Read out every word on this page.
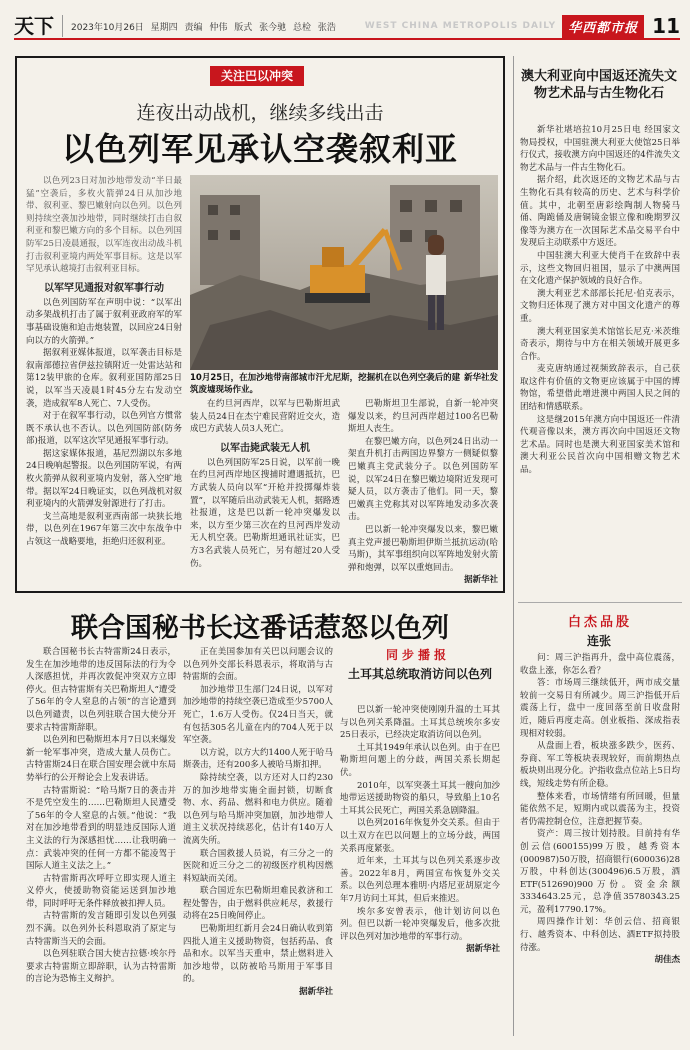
天下	2023年10月26日 星期四 责编 仲伟 版式 张今驰 总检 张浩	WEST CHINA METROPOLIS DAILY 华西都市报 11
关注巴以冲突
连夜出动战机，继续多线出击
以色列军见承认空袭叙利亚

以色列23日对加沙地带发动“半日最猛”空袭后，多枚火箭弹24日从加沙地带、叙利亚、黎巴嫩射向以色列。以色列则持续空袭加沙地带，同时继续打击自叙利亚和黎巴嫩方向的多个目标。以色列国防军25日凌晨通报，以军连夜出动战斗机打击叙利亚境内两处军事目标。这是以军罕见承认越境打击叙利亚目标。

以军罕见通报对叙军事行动

以色列国防军在声明中说：“以军出动多架战机打击了属于叙利亚政府军的军事基础设施和迫击炮装置，以回应24日射向以方的火箭弹。”

据叙利亚媒体报道，以军袭击目标是叙南部德拉省伊兹拉镇附近一处雷达站和第12装甲旅的仓库。叙利亚国防部25日说，以军当天凌晨1时45分左右发动空袭，造成叙军8人死亡、7人受伤。

对于在叙军事行动，以色列官方惯常既不承认也不否认。以色列国防部(防务部)报道，以军这次罕见通报军事行动。

据这家媒体报道，基尼烈湖以东多地24日晚响起警报。以色列国防军说，有两枚火箭弹从叙利亚境内发射，落入空旷地带。据以军24日晚证实，以色列战机对叙利亚境内的火箭弹发射源进行了打击。

戈兰高地是叙利亚西南部一块狭长地带，以色列在1967年第三次中东战争中占领这一战略要地，拒绝归还叙利亚。

新华社发
10月25日，在加沙地带南部城市汗尤尼斯，挖掘机在以色列空袭后的建筑废墟现场作业。

在约旦河西岸，以军与巴勒斯坦武装人员24日在杰宁难民营附近交火，造成巴方武装人员3人死亡。

以军击毙武装无人机

以色列国防军25日说，以军前一晚在约旦河西岸地区搜捕时遭遇抵抗，巴方武装人员向以军“开枪并投掷爆炸装置”，以军随后出动武装无人机，据路透社报道，这是巴以新一轮冲突爆发以来，以方至少第三次在约旦河西岸发动无人机空袭。巴勒斯坦通讯社证实，巴方3名武装人员死亡，另有超过20人受伤。

巴勒斯坦卫生部说，自新一轮冲突爆发以来，约旦河西岸超过100名巴勒斯坦人丧生。

在黎巴嫩方向，以色列24日出动一架直升机打击两国边界黎方一侧疑似黎巴嫩真主党武装分子。以色列国防军说，以军24日在黎巴嫩边境附近发现可疑人员，以方袭击了他们。同一天，黎巴嫩真主党称其对以军阵地发动多次袭击。

巴以新一轮冲突爆发以来，黎巴嫩真主党声援巴勒斯坦伊斯兰抵抗运动(哈马斯)，其军事组织向以军阵地发射火箭弹和炮弹，以军以重炮回击。

据新华社

联合国秘书长这番话惹怒以色列

联合国秘书长古特雷斯24日表示，发生在加沙地带的违反国际法的行为令人深感担忧，并再次敦促冲突双方立即停火。但古特雷斯有关巴勒斯坦人“遭受了56年的令人窒息的占领”的言论遭到以色列谴责，以色列驻联合国大使分开要求古特雷斯辞职。

以色列和巴勒斯坦本月7日以来爆发新一轮军事冲突，造成大量人员伤亡。古特雷斯24日在联合国安理会就中东局势举行的公开辩论会上发表讲话。

古特雷斯说：“哈马斯7日的袭击并不是凭空发生的……巴勒斯坦人民遭受了56年的令人窒息的占领。”他说：“我对在加沙地带看到的明显违反国际人道主义法的行为深感担忧……让我明确一点：武装冲突的任何一方都不能凌驾于国际人道主义法之上。”

古特雷斯再次呼吁立即实现人道主义停火，使援助物资能运送到加沙地带，同时呼吁无条件释放被扣押人员。

古特雷斯的发言随即引发以色列强烈不满。以色列外长科恩取消了原定与古特雷斯当天的会面。

以色列驻联合国大使吉拉德·埃尔丹要求古特雷斯立即辞职，认为古特雷斯的言论为恐怖主义辩护。

正在美国参加有关巴以问题会议的以色列外交部长科恩表示，将取消与古特雷斯的会面。

加沙地带卫生部门24日说，以军对加沙地带的持续空袭已造成至少5700人死亡，1.6万人受伤。仅24日当天，就有包括305名儿童在内的704人死于以军空袭。

以方说，以方大约1400人死于哈马斯袭击，还有200多人被哈马斯扣押。

除持续空袭，以方还对人口约230万的加沙地带实施全面封锁，切断食物、水、药品、燃料和电力供应。随着以色列与哈马斯冲突加剧，加沙地带人道主义状况持续恶化，估计有140万人流离失所。

联合国救援人员说，有三分之一的医院和近三分之二的初级医疗机构因燃料短缺而关闭。

联合国近东巴勒斯坦难民救济和工程处警告，由于燃料供应耗尽，救援行动将在25日晚间停止。

巴勒斯坦红新月会24日确认收到第四批人道主义援助物资，包括药品、食品和水。以军当天重申，禁止燃料进入加沙地带，以防被哈马斯用于军事目的。

据新华社

同步播报
土耳其总统取消访问以色列

巴以新一轮冲突使刚刚升温的土耳其与以色列关系降温。土耳其总统埃尔多安25日表示，已经决定取消访问以色列。

土耳其1949年承认以色列。由于在巴勒斯坦问题上的分歧，两国关系长期起伏。

2010年，以军突袭土耳其一艘向加沙地带运送援助物资的船只，导致船上10名土耳其公民死亡，两国关系急剧降温。

以色列2016年恢复外交关系。但由于以土双方在巴以问题上的立场分歧，两国关系再度紧张。

近年来，土耳其与以色列关系逐步改善。2022年8月，两国宣布恢复外交关系。以色列总理本雅明·内塔尼亚胡原定今年7月访问土耳其，但后来推迟。

埃尔多安曾表示，他计划访问以色列。但巴以新一轮冲突爆发后，他多次批评以色列对加沙地带的军事行动。

据新华社

澳大利亚向中国返还流失文物艺术品与古生物化石

新华社堪培拉10月25日电 经国家文物局授权，中国驻澳大利亚大使馆25日举行仪式，接收澳方向中国返还的4件流失文物艺术品与一件古生物化石。

据介绍，此次返还的文物艺术品与古生物化石具有较高的历史、艺术与科学价值。其中，北朝至唐彩绘陶制人物骑马俑、陶跪俑及唐铜镜金银立像和晚期罗汉像等为澳方在一次国际艺术品交易平台中发现后主动联系中方返还。

中国驻澳大利亚大使肖千在致辞中表示，这些文物回归祖国，显示了中澳两国在文化遗产保护领域的良好合作。

澳大利亚艺术部部长托尼·伯克表示，文物归还体现了澳方对中国文化遗产的尊重。

澳大利亚国家美术馆馆长尼克·米茨维奇表示，期待与中方在相关领域开展更多合作。

麦克唐纳通过视频致辞表示，自己获取这件有价值的文物更应该属于中国的博物馆，希望借此增进澳中两国人民之间的团结和情感联系。

这是继2015年澳方向中国返还一件清代观音像以来，澳方再次向中国返还文物艺术品。同时也是澳大利亚国家美术馆和澳大利亚公民首次向中国相赠文物艺术品。

白杰品股
连张

问：周三沪指再升，盘中高位震荡，收盘上涨，你怎么看？

答：市场周三继续低开，两市成交量较前一交易日有所减少。周三沪指低开后震荡上行，盘中一度回落至前日收盘附近，随后再度走高。创业板指、深成指表现相对较弱。

从盘面上看，板块涨多跌少，医药、券商、军工等板块表现较好，而前期热点板块则出现分化。沪指收盘点位站上5日均线，短线走势有所企稳。

整体来看，市场情绪有所回暖，但量能依然不足，短期内或以震荡为主，投资者仍需控制仓位，注意把握节奏。

资产：周三按计划持股。目前持有华创云信(600155)99万股，越秀资本(000987)50万股，招商银行(600036)28万股，中科创达(300496)6.5万股，酒ETF(512690)900万份。资金余额3334643.25元，总净值35780343.25元，盈利17790.17%。

周四操作计划：华创云信、招商银行、越秀资本、中科创达、酒ETF拟持股待涨。

胡佳杰
